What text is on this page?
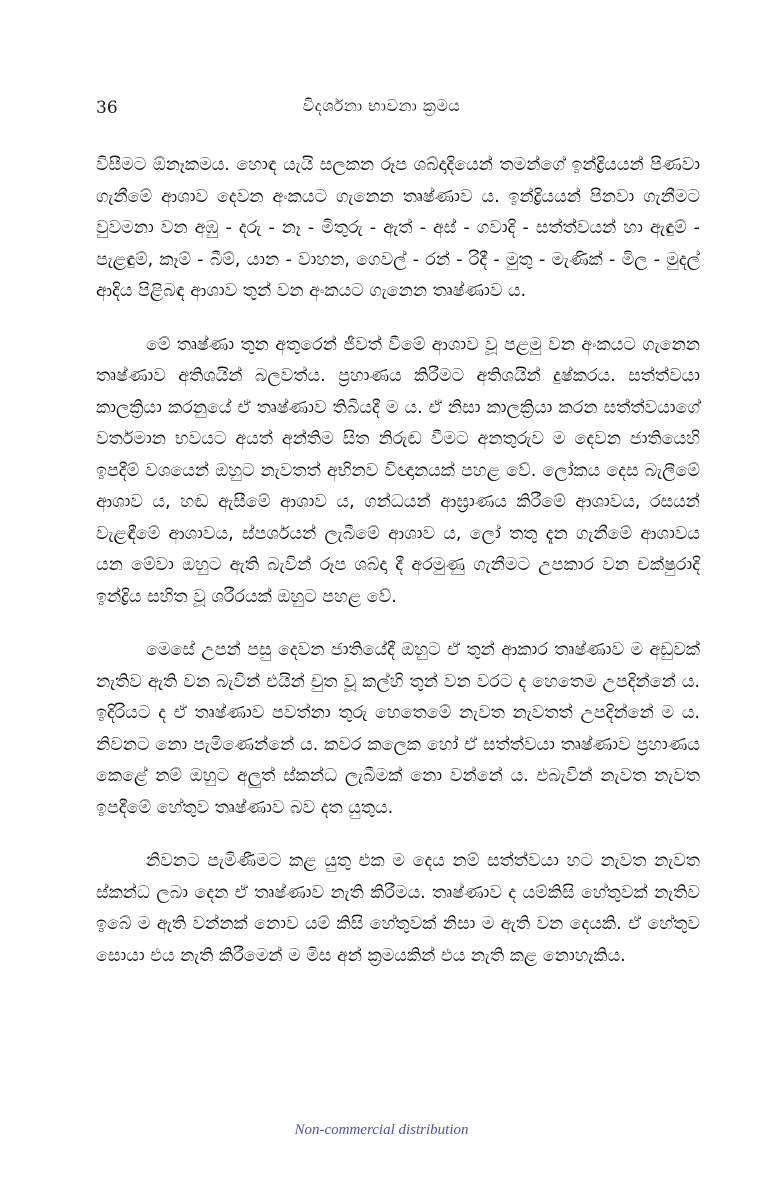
36	විදර්ශනා භාවනා ක්‍රමය

විසීමට ඕනෑකමය. හොඳ යැයි සලකන රූප ශබ්දාදියෙන් තමන්ගේ ඉන්ද්‍රියයන් පිණවා ගැනීමේ ආශාව දෙවන අංකයට ගැනෙන තෘෂ්ණාව ය. ඉන්ද්‍රියයන් පිනවා ගැනීමට වුවමනා වන අඹු - දරු - නෑ - මිතුරු - ඇත් - අස් - ගවාදි - සත්ත්වයන් හා ඇඳුම් - පැළඳුම්, කෑම් - බීම්, යාන - වාහන, ගෙවල් - රන් - රිදී - මුතු - මැණික් - මිල - මුදල් ආදිය පිළිබඳ ආශාව තුන් වන අංකයට ගැනෙන තෘෂ්ණාව ය.

මේ තෘෂ්ණා තුන අතුරෙන් ජීවත් වීමේ ආශාව වූ පළමු වන අංකයට ගැනෙන තෘෂ්ණාව අතිශයින් බලවත්ය. ප්‍රහාණය කිරීමට අතිශයින් දුෂ්කරය. සත්ත්වයා කාලක්‍රියා කරනුයේ ඒ තෘෂ්ණාව තිබියදී ම ය. ඒ නිසා කාලක්‍රියා කරන සත්ත්වයාගේ වර්තමාන භවයට අයත් අන්තිම සිත නිරුඬ වීමට අනතුරුව ම දෙවන ජාතියෙහි ඉපදීම් වශයෙන් ඔහුට නැවතත් අභිනව විඥානයක් පහළ වේ. ලෝකය දෙස බැලීමේ ආශාව ය, හඬ ඇසීමේ ආශාව ය, ගන්ධයන් ආඝ්‍රාණය කිරීමේ ආශාවය, රසයන් වැළඳීමේ ආශාවය, ස්පර්ශයන් ලැබීමේ ආශාව ය, ලෝ තතු දැන ගැනීමේ ආශාවය යන මේවා ඔහුට ඇති බැවින් රූප ශබ්දා දී අරමුණු ගැනීමට උපකාර වන චක්ෂුරාදි ඉන්ද්‍රිය සහිත වූ ශරීරයක් ඔහුට පහළ වේ.

මෙසේ උපන් පසු දෙවන ජාතියේදී ඔහුට ඒ තුන් ආකාර තෘෂ්ණාව ම අඩුවක් නැතිව ඇති වන බැවින් එයින් චුත වූ කල්හි තුන් වන වරට ද හෙතෙම උපදින්නේ ය. ඉදිරියට ද ඒ තෘෂ්ණාව පවත්නා තුරු හෙතෙමේ නැවත නැවතත් උපදින්නේ ම ය. නිවනට නො පැමිණෙන්නේ ය. කවර කලෙක හෝ ඒ සත්ත්වයා තෘෂ්ණාව ප්‍රහාණය කෙළේ නම් ඔහුට අලුත් ස්කන්ධ ලැබීමක් නො වන්නේ ය. එබැවින් නැවත නැවත ඉපදීමේ හේතුව තෘෂ්ණාව බව දත යුතුය.

නිවනට පැමිණීමට කළ යුතු එක ම දෙය නම් සත්ත්වයා හට නැවත නැවත ස්කන්ධ ලබා දෙන ඒ තෘෂ්ණාව නැති කිරීමය. තෘෂ්ණාව ද යම්කිසි හේතුවක් නැතිව ඉබේ ම ඇති වන්නක් නොව යම් කිසි හේතුවක් නිසා ම ඇති වන දෙයකි. ඒ හේතුව සොයා එය නැති කිරීමෙන් ම මිස අන් ක්‍රමයකින් එය නැති කළ නොහැකිය.

Non-commercial distribution
